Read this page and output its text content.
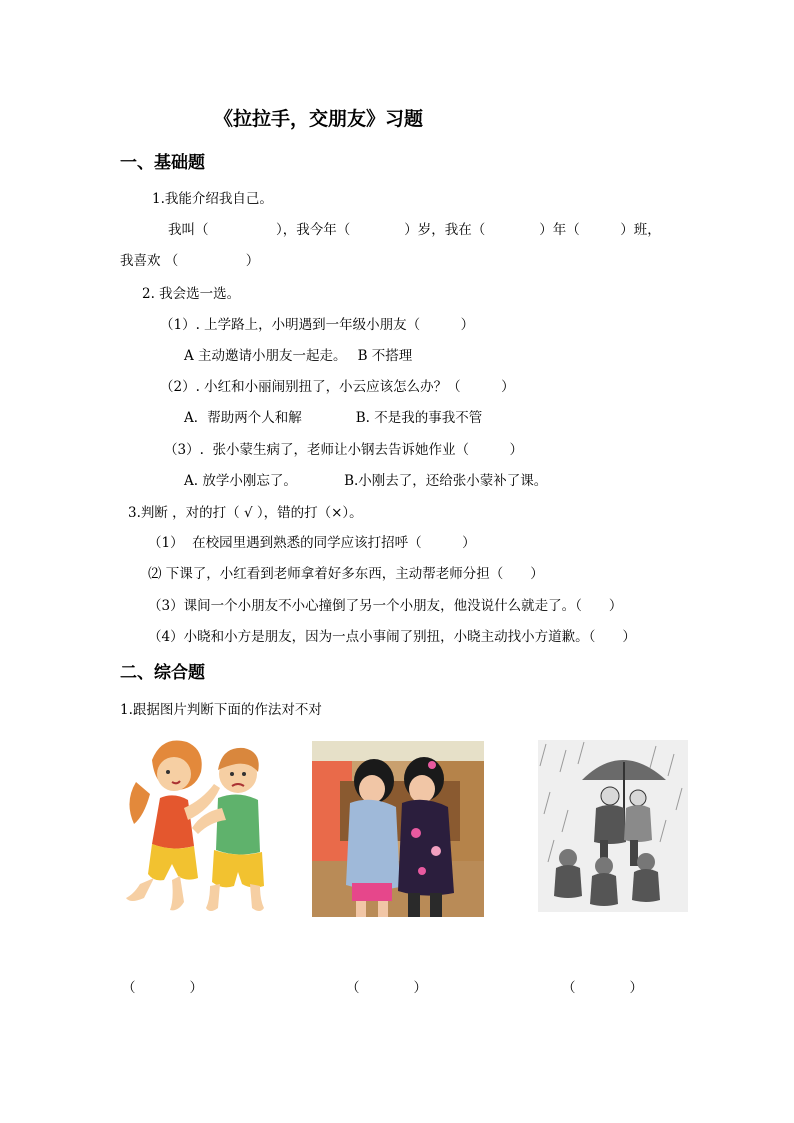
《拉拉手，交朋友》习题
一、基础题
1.我能介绍我自己。
我叫（　　　　　），我今年（　　　　）岁，我在（　　　　）年（　　　）班，
我喜欢 （　　　　　）
2. 我会选一选。
（1）. 上学路上，小明遇到一年级小朋友（　　　）
A 主动邀请小朋友一起走。　 B 不搭理
（2）. 小红和小丽闹别扭了，小云应该怎么办？（　　　）
A．帮助两个人和解　　　　B. 不是我的事我不管
（3）.  张小蒙生病了，老师让小钢去告诉她作业（　　　）
A. 放学小刚忘了。　　　　B.小刚去了，还给张小蒙补了课。
3.判断 ，对的打（ √ ），错的打（×）。
（1）  在校园里遇到熟悉的同学应该打招呼（　　　）
⑵ 下课了，小红看到老师拿着好多东西，主动帮老师分担（　　）
（3）课间一个小朋友不小心撞倒了另一个小朋友，他没说什么就走了。（　　）
（4）小晓和小方是朋友，因为一点小事闹了别扭，小晓主动找小方道歉。（　　）
二、综合题
1.跟据图片判断下面的作法对不对
（　　　　）	（　　　　）	（　　　　）
